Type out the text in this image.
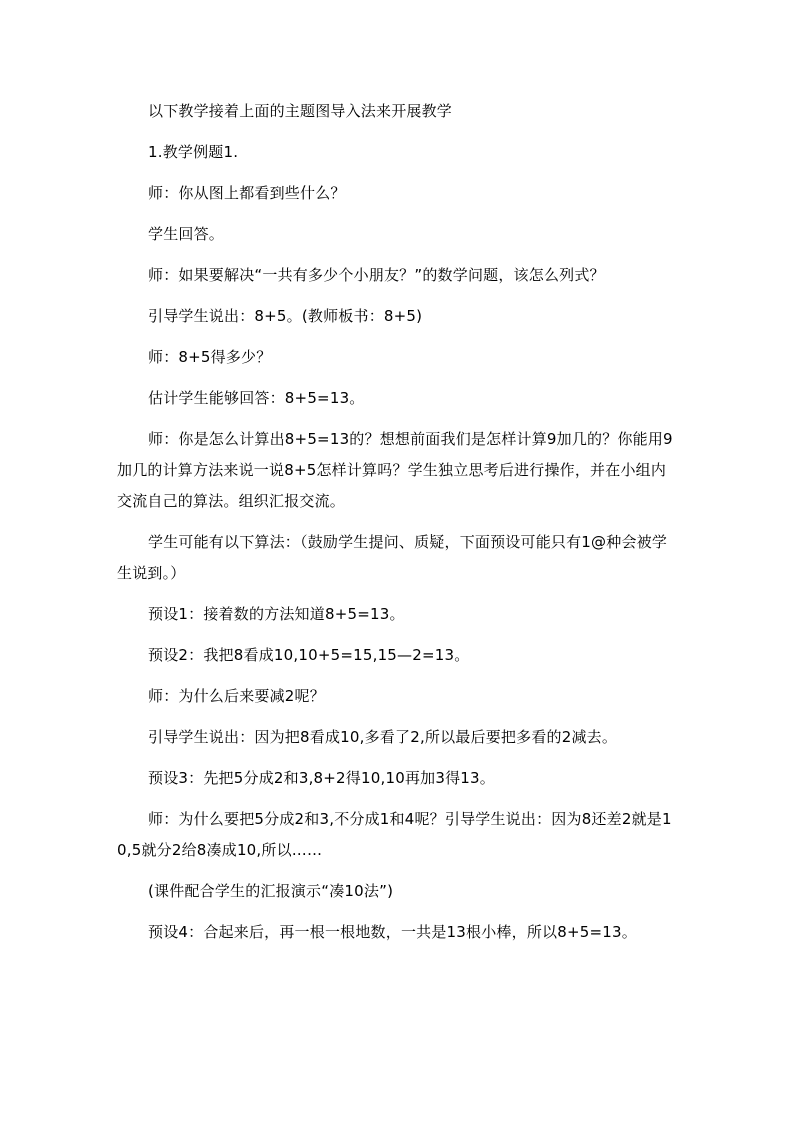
以下教学接着上面的主题图导入法来开展教学

1.教学例题1.

师：你从图上都看到些什么？

学生回答。

师：如果要解决“一共有多少个小朋友？”的数学问题，该怎么列式？

引导学生说出：8+5。(教师板书：8+5)

师：8+5得多少？

估计学生能够回答：8+5=13。

师：你是怎么计算出8+5=13的？想想前面我们是怎样计算9加几的？你能用9加几的计算方法来说一说8+5怎样计算吗？学生独立思考后进行操作，并在小组内交流自己的算法。组织汇报交流。

学生可能有以下算法：（鼓励学生提问、质疑，下面预设可能只有1@种会被学生说到。）

预设1：接着数的方法知道8+5=13。

预设2：我把8看成10,10+5=15,15—2=13。

师：为什么后来要减2呢？

引导学生说出：因为把8看成10,多看了2,所以最后要把多看的2减去。

预设3：先把5分成2和3,8+2得10,10再加3得13。

师：为什么要把5分成2和3,不分成1和4呢？引导学生说出：因为8还差2就是10,5就分2给8凑成10,所以……

(课件配合学生的汇报演示“凑10法”)

预设4：合起来后，再一根一根地数，一共是13根小棒，所以8+5=13。
